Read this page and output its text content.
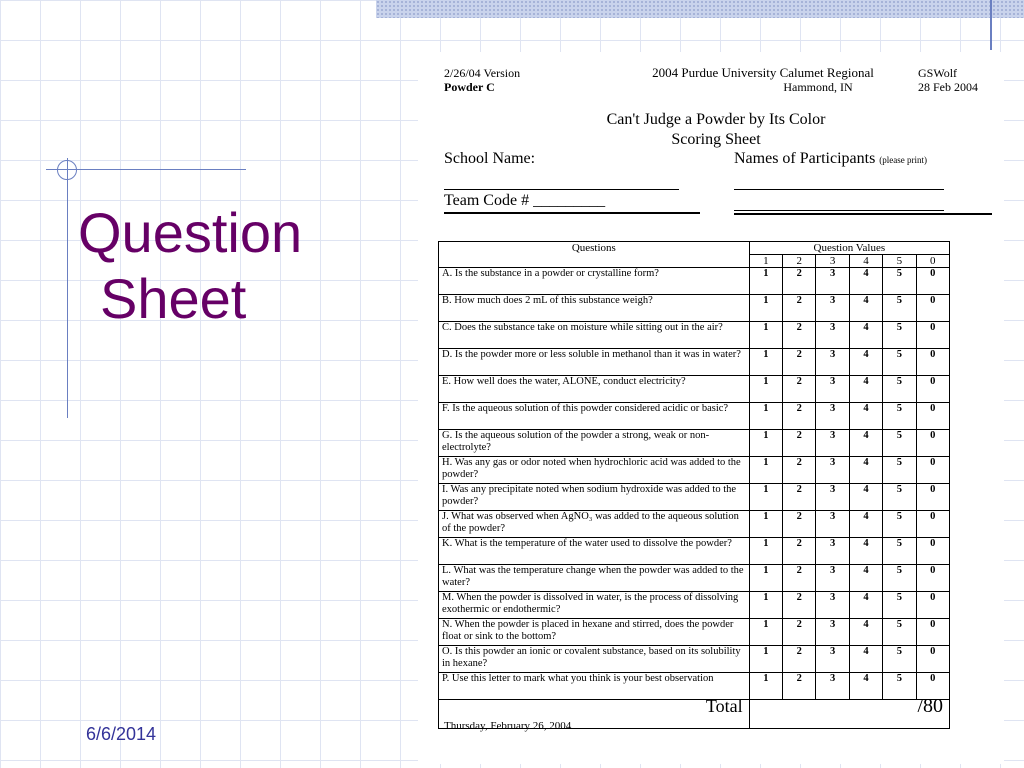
Question
Sheet
6/6/2014
2/26/04 Version
Powder C
2004 Purdue University Calumet Regional
Hammond, IN
GSWolf
28 Feb 2004
Can't Judge a Powder by Its Color
Scoring Sheet
School Name:	Names of Participants (please print)
Team Code # _________
Questions	Question Values					
	1	2	3	4	5	0
A. Is the substance in a powder or crystalline form?	1	2	3	4	5	0
B. How much does 2 mL of this substance weigh?	1	2	3	4	5	0
C. Does the substance take on moisture while sitting out in the air?	1	2	3	4	5	0
D. Is the powder more or less soluble in methanol than it was in water?	1	2	3	4	5	0
E. How well does the water, ALONE, conduct electricity?	1	2	3	4	5	0
F. Is the aqueous solution of this powder considered acidic or basic?	1	2	3	4	5	0
G. Is the aqueous solution of the powder a strong, weak or non-electrolyte?	1	2	3	4	5	0
H. Was any gas or odor noted when hydrochloric acid was added to the powder?	1	2	3	4	5	0
I. Was any precipitate noted when sodium hydroxide was added to the powder?	1	2	3	4	5	0
J. What was observed when AgNO₃ was added to the aqueous solution of the powder?	1	2	3	4	5	0
K. What is the temperature of the water used to dissolve the powder?	1	2	3	4	5	0
L. What was the temperature change when the powder was added to the water?	1	2	3	4	5	0
M. When the powder is dissolved in water, is the process of dissolving exothermic or endothermic?	1	2	3	4	5	0
N. When the powder is placed in hexane and stirred, does the powder float or sink to the bottom?	1	2	3	4	5	0
O. Is this powder an ionic or covalent substance, based on its solubility in hexane?	1	2	3	4	5	0
P. Use this letter to mark what you think is your best observation	1	2	3	4	5	0
Total	/80					
Thursday, February 26, 2004
